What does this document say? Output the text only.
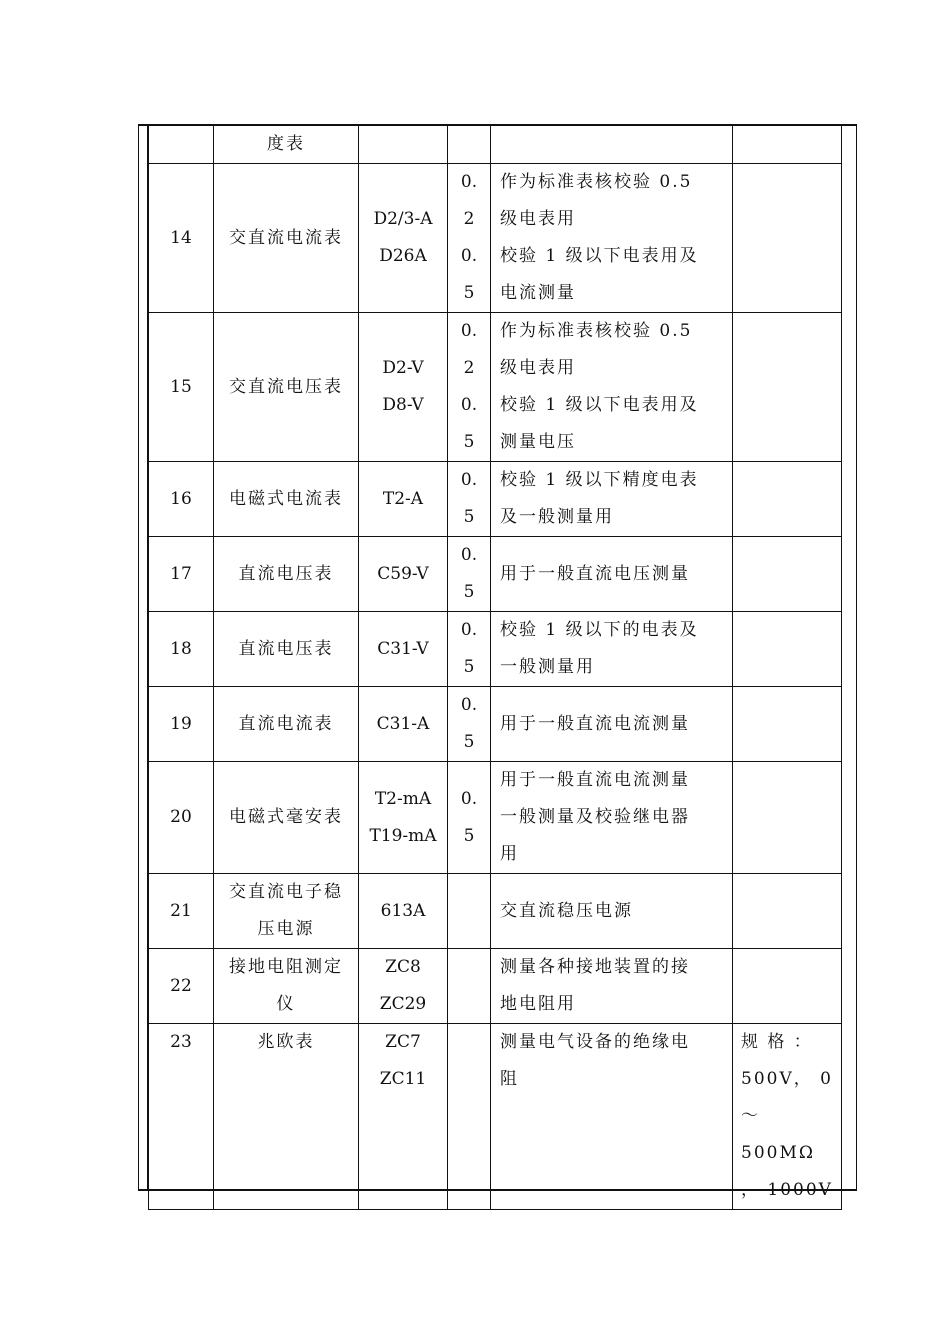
	度表				

14	交直流电流表	D2/3-A
D26A	0.
2
0.
5	作为标准表核校验 0.5
级电表用
校验 1 级以下电表用及
电流测量	

15	交直流电压表	D2-V
D8-V	0.
2
0.
5	作为标准表核校验 0.5
级电表用
校验 1 级以下电表用及
测量电压	

16	电磁式电流表	T2-A	0.
5	校验 1 级以下精度电表
及一般测量用	

17	直流电压表	C59-V	0.
5	用于一般直流电压测量	

18	直流电压表	C31-V	0.
5	校验 1 级以下的电表及
一般测量用	

19	直流电流表	C31-A	0.
5	用于一般直流电流测量	

20	电磁式毫安表	T2-mA
T19-mA	0.
5	用于一般直流电流测量
一般测量及校验继电器
用	

21	交直流电子稳
压电源	613A		交直流稳压电源	

22	接地电阻测定
仪	ZC8
ZC29		测量各种接地装置的接
地电阻用	

23	兆欧表	ZC7
ZC11		测量电气设备的绝缘电
阻	规 格 ：
500V， 0
～
500MΩ
， 1000V
